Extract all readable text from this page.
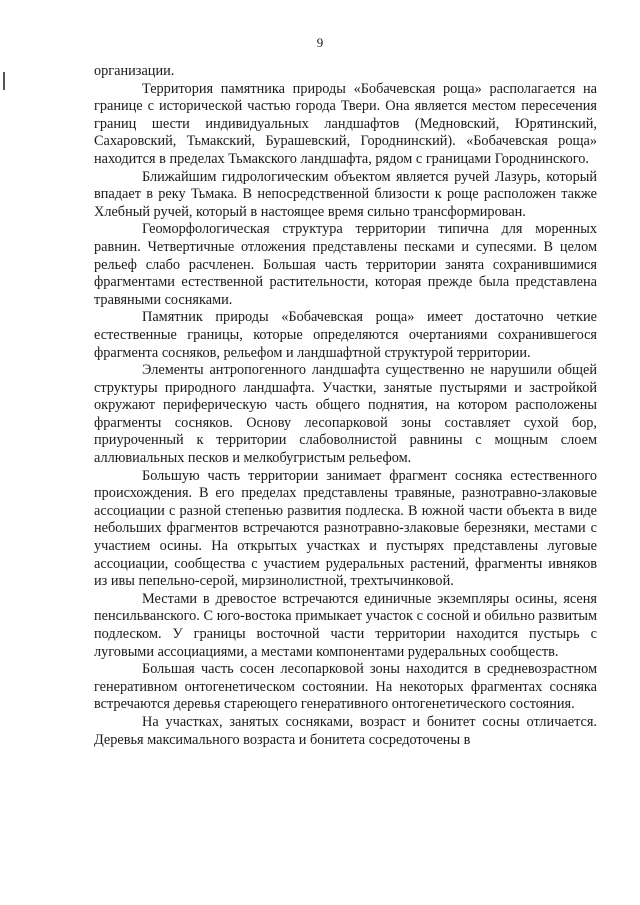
9

организации.

Территория памятника природы «Бобачевская роща» располагается на границе с исторической частью города Твери. Она является местом пересечения границ шести индивидуальных ландшафтов (Медновский, Юрятинский, Сахаровский, Тьмакский, Бурашевский, Городнинский). «Бобачевская роща» находится в пределах Тьмакского ландшафта, рядом с границами Городнинского.

Ближайшим гидрологическим объектом является ручей Лазурь, который впадает в реку Тьмака. В непосредственной близости к роще расположен также Хлебный ручей, который в настоящее время сильно трансформирован.

Геоморфологическая структура территории типична для моренных равнин. Четвертичные отложения представлены песками и супесями. В целом рельеф слабо расчленен. Большая часть территории занята сохранившимися фрагментами естественной растительности, которая прежде была представлена травяными сосняками.

Памятник природы «Бобачевская роща» имеет достаточно четкие естественные границы, которые определяются очертаниями сохранившегося фрагмента сосняков, рельефом и ландшафтной структурой территории.

Элементы антропогенного ландшафта существенно не нарушили общей структуры природного ландшафта. Участки, занятые пустырями и застройкой окружают периферическую часть общего поднятия, на котором расположены фрагменты сосняков. Основу лесопарковой зоны составляет сухой бор, приуроченный к территории слабоволнистой равнины с мощным слоем аллювиальных песков и мелкобугристым рельефом.

Большую часть территории занимает фрагмент сосняка естественного происхождения. В его пределах представлены травяные, разнотравно-злаковые ассоциации с разной степенью развития подлеска. В южной части объекта в виде небольших фрагментов встречаются разнотравно-злаковые березняки, местами с участием осины. На открытых участках и пустырях представлены луговые ассоциации, сообщества с участием рудеральных растений, фрагменты ивняков из ивы пепельно-серой, мирзинолистной, трехтычинковой.

Местами в древостое встречаются единичные экземпляры осины, ясеня пенсильванского. С юго-востока примыкает участок с сосной и обильно развитым подлеском. У границы восточной части территории находится пустырь с луговыми ассоциациями, а местами компонентами рудеральных сообществ.

Большая часть сосен лесопарковой зоны находится в средневозрастном генеративном онтогенетическом состоянии. На некоторых фрагментах сосняка встречаются деревья стареющего генеративного онтогенетического состояния.

На участках, занятых сосняками, возраст и бонитет сосны отличается. Деревья максимального возраста и бонитета сосредоточены в
